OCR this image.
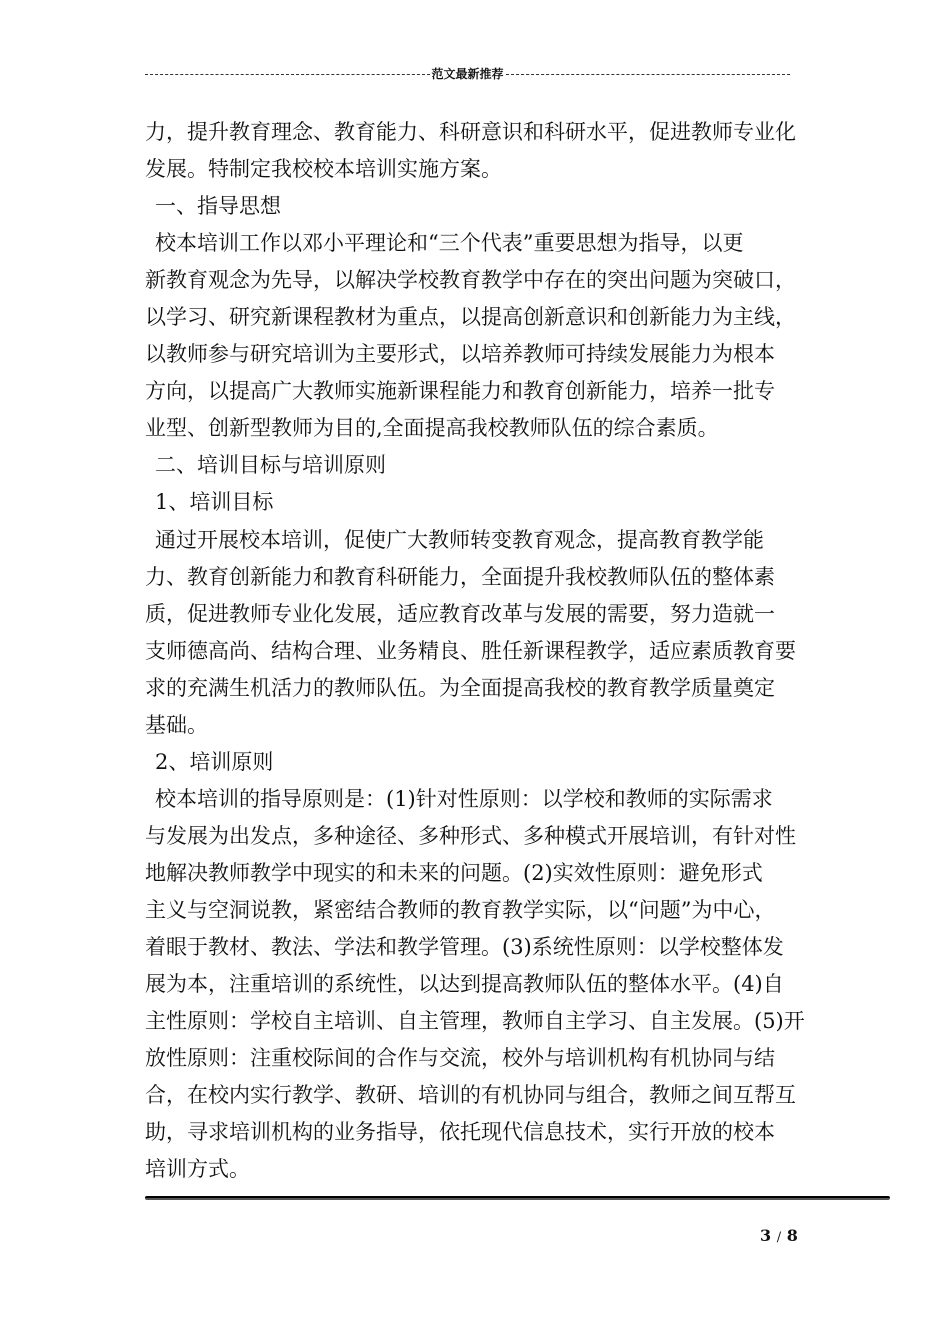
范文最新推荐
力，提升教育理念、教育能力、科研意识和科研水平，促进教师专业化
发展。特制定我校校本培训实施方案。
一、指导思想
校本培训工作以邓小平理论和“三个代表”重要思想为指导，以更
新教育观念为先导，以解决学校教育教学中存在的突出问题为突破口，
以学习、研究新课程教材为重点，以提高创新意识和创新能力为主线，
以教师参与研究培训为主要形式，以培养教师可持续发展能力为根本
方向，以提高广大教师实施新课程能力和教育创新能力，培养一批专
业型、创新型教师为目的,全面提高我校教师队伍的综合素质。
二、培训目标与培训原则
1、培训目标
通过开展校本培训，促使广大教师转变教育观念，提高教育教学能
力、教育创新能力和教育科研能力，全面提升我校教师队伍的整体素
质，促进教师专业化发展，适应教育改革与发展的需要，努力造就一
支师德高尚、结构合理、业务精良、胜任新课程教学，适应素质教育要
求的充满生机活力的教师队伍。为全面提高我校的教育教学质量奠定
基础。
2、培训原则
校本培训的指导原则是：(1)针对性原则：以学校和教师的实际需求
与发展为出发点，多种途径、多种形式、多种模式开展培训，有针对性
地解决教师教学中现实的和未来的问题。(2)实效性原则：避免形式
主义与空洞说教，紧密结合教师的教育教学实际，以“问题”为中心，
着眼于教材、教法、学法和教学管理。(3)系统性原则：以学校整体发
展为本，注重培训的系统性，以达到提高教师队伍的整体水平。(4)自
主性原则：学校自主培训、自主管理，教师自主学习、自主发展。(5)开
放性原则：注重校际间的合作与交流，校外与培训机构有机协同与结
合，在校内实行教学、教研、培训的有机协同与组合，教师之间互帮互
助，寻求培训机构的业务指导，依托现代信息技术，实行开放的校本
培训方式。
3 / 8
